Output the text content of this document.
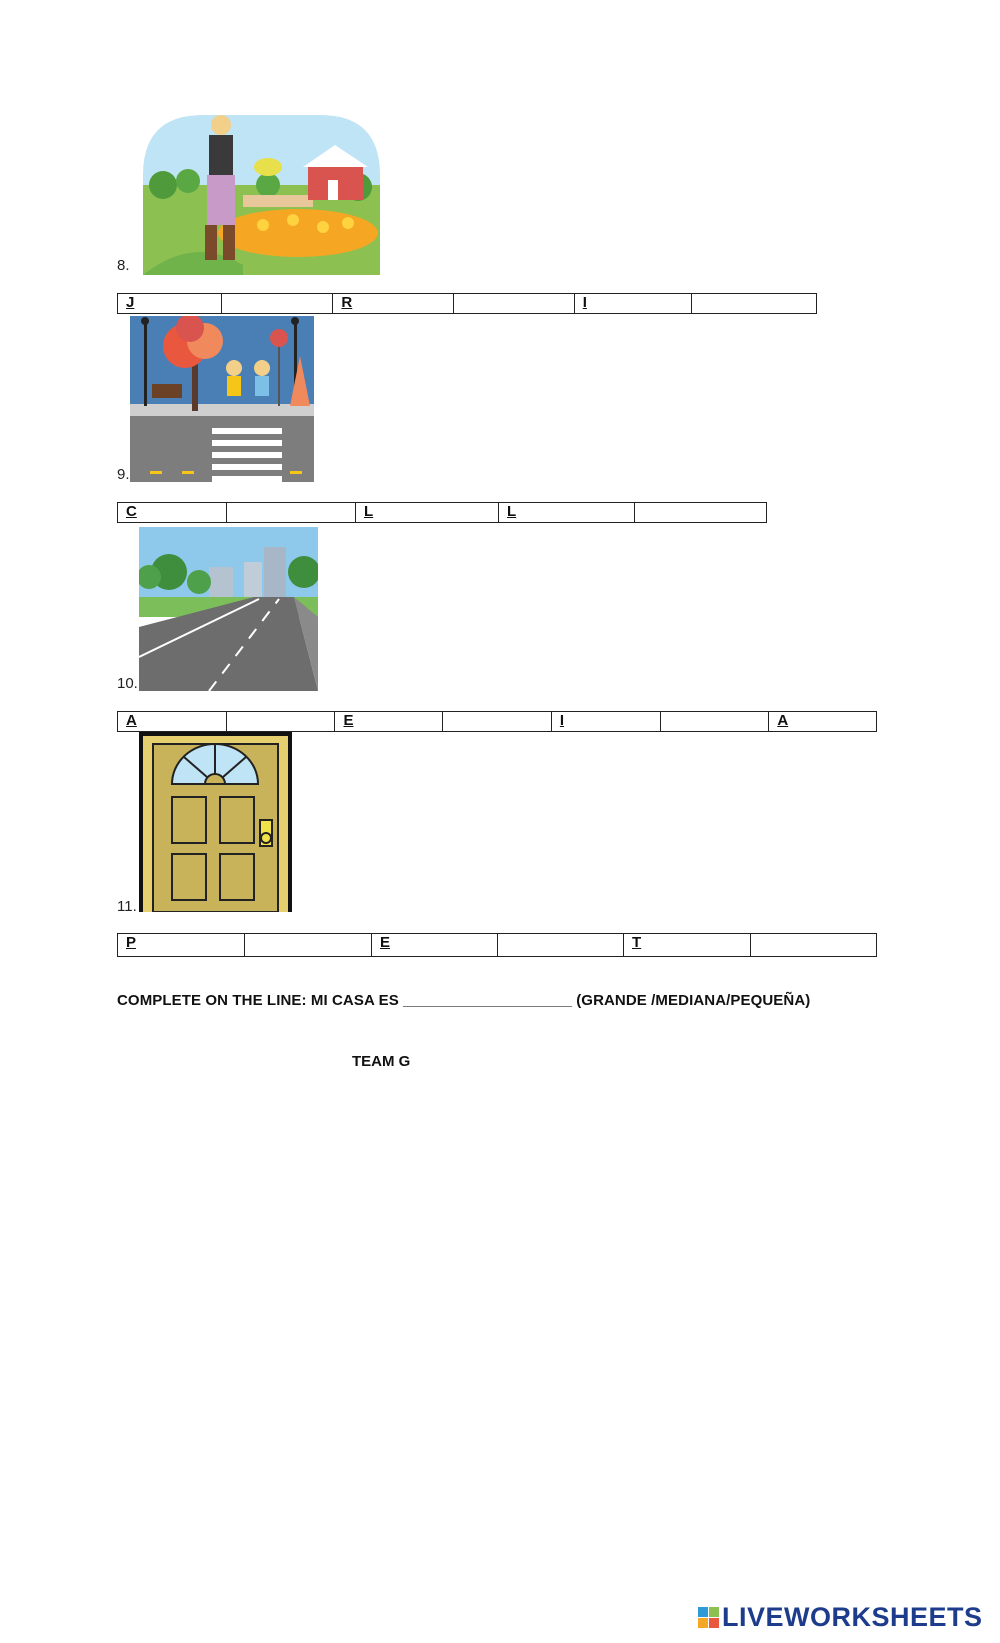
8.
J	R	I
9.
C	L	L
10.
A	E	I	A
11.
P	E	T
COMPLETE ON THE LINE: MI CASA ES ____________________ (GRANDE /MEDIANA/PEQUEÑA)
TEAM G
LIVEWORKSHEETS
